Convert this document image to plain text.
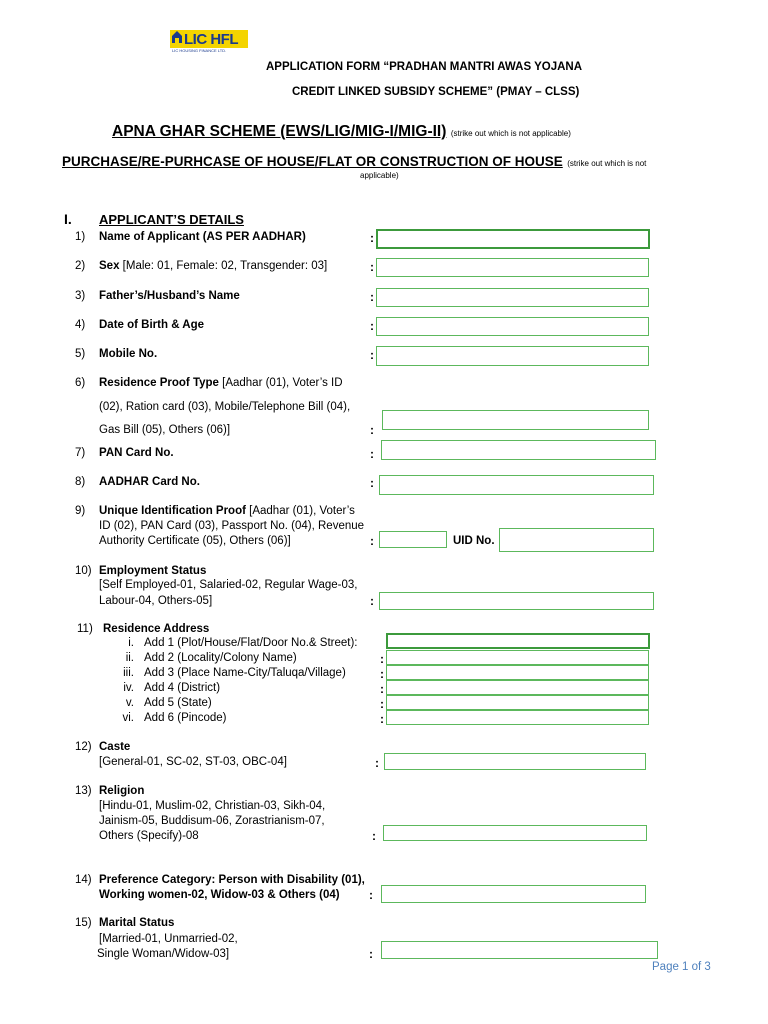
LIC HFL
LIC HOUSING FINANCE LTD.
APPLICATION FORM “PRADHAN MANTRI AWAS YOJANA
CREDIT LINKED SUBSIDY SCHEME” (PMAY – CLSS)
APNA GHAR SCHEME (EWS/LIG/MIG-I/MIG-II) (strike out which is not applicable)
PURCHASE/RE-PURHCASE OF HOUSE/FLAT OR CONSTRUCTION OF HOUSE (strike out which is not
applicable)
I. APPLICANT’S DETAILS
1) Name of Applicant (AS PER AADHAR)	:
2) Sex [Male: 01, Female: 02, Transgender: 03]	:
3) Father’s/Husband’s Name	:
4) Date of Birth & Age	:
5) Mobile No.	:
6) Residence Proof Type [Aadhar (01), Voter’s ID
(02), Ration card (03), Mobile/Telephone Bill (04),
Gas Bill (05), Others (06)]	:
7) PAN Card No.	:
8) AADHAR Card No.	:
9) Unique Identification Proof [Aadhar (01), Voter’s
ID (02), PAN Card (03), Passport No. (04), Revenue
Authority Certificate (05), Others (06)]	:	UID No.
10) Employment Status
[Self Employed-01, Salaried-02, Regular Wage-03,
Labour-04, Others-05]	:
11) Residence Address
i. Add 1 (Plot/House/Flat/Door No.& Street):
ii. Add 2 (Locality/Colony Name)	:
iii. Add 3 (Place Name-City/Taluqa/Village)	:
iv. Add 4 (District)	:
v. Add 5 (State)	:
vi. Add 6 (Pincode)	:
12) Caste
[General-01, SC-02, ST-03, OBC-04]	:
13) Religion
[Hindu-01, Muslim-02, Christian-03, Sikh-04,
Jainism-05, Buddisum-06, Zorastrianism-07,
Others (Specify)-08	:
14) Preference Category: Person with Disability (01),
Working women-02, Widow-03 & Others (04) :
15) Marital Status
[Married-01, Unmarried-02,
Single Woman/Widow-03]	:
Page 1 of 3
